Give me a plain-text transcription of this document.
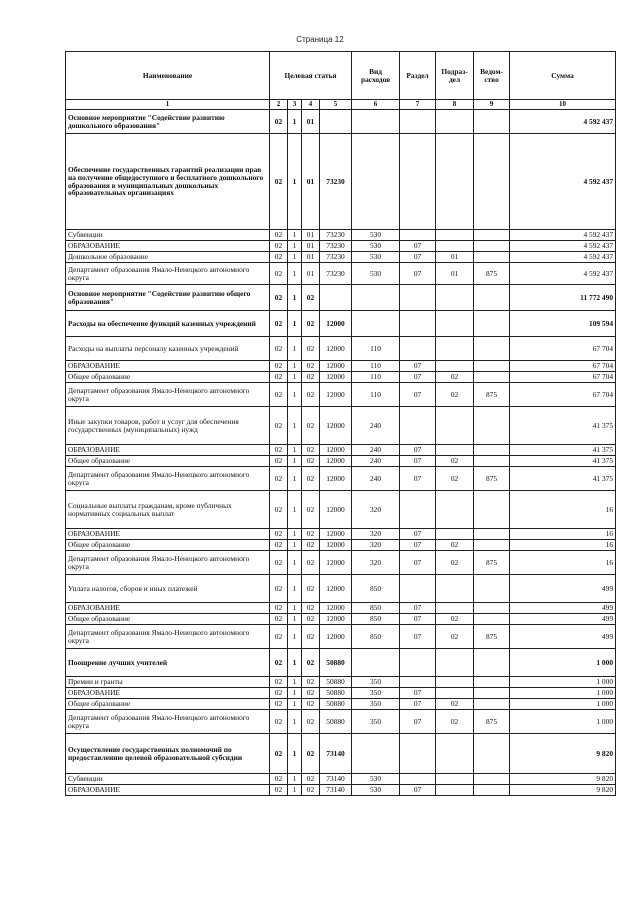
Страница 12
Наименование	Целевая статья				Вид расходов	Раздел	Подраз-дел	Ведом-ство	Сумма
1	2	3	4	5	6	7	8	9	10
Основное мероприятие "Содействие развитию дошкольного образования"	02	1	01						4 592 437
Обеспечение государственных гарантий реализации прав на получение общедоступного и бесплатного дошкольного образования в муниципальных дошкольных образовательных организациях	02	1	01	73230					4 592 437
Субвенции	02	1	01	73230	530				4 592 437
ОБРАЗОВАНИЕ	02	1	01	73230	530	07			4 592 437
Дошкольное образование	02	1	01	73230	530	07	01		4 592 437
Департамент образования Ямало-Ненецкого автономного округа	02	1	01	73230	530	07	01	875	4 592 437
Основное мероприятие "Содействие развитию общего образования"	02	1	02						11 772 490
Расходы на обеспечение функций казенных учреждений	02	1	02	12000					109 594
Расходы на выплаты персоналу казенных учреждений	02	1	02	12000	110				67 704
ОБРАЗОВАНИЕ	02	1	02	12000	110	07			67 704
Общее образование	02	1	02	12000	110	07	02		67 704
Департамент образования Ямало-Ненецкого автономного округа	02	1	02	12000	110	07	02	875	67 704
Иные закупки товаров, работ и услуг для обеспечения государственных (муниципальных) нужд	02	1	02	12000	240				41 375
ОБРАЗОВАНИЕ	02	1	02	12000	240	07			41 375
Общее образование	02	1	02	12000	240	07	02		41 375
Департамент образования Ямало-Ненецкого автономного округа	02	1	02	12000	240	07	02	875	41 375
Социальные выплаты гражданам, кроме публичных нормативных социальных выплат	02	1	02	12000	320				16
ОБРАЗОВАНИЕ	02	1	02	12000	320	07			16
Общее образование	02	1	02	12000	320	07	02		16
Департамент образования Ямало-Ненецкого автономного округа	02	1	02	12000	320	07	02	875	16
Уплата налогов, сборов и иных платежей	02	1	02	12000	850				499
ОБРАЗОВАНИЕ	02	1	02	12000	850	07			499
Общее образование	02	1	02	12000	850	07	02		499
Департамент образования Ямало-Ненецкого автономного округа	02	1	02	12000	850	07	02	875	499
Поощрение лучших учителей	02	1	02	50880					1 000
Премии и гранты	02	1	02	50880	350				1 000
ОБРАЗОВАНИЕ	02	1	02	50880	350	07			1 000
Общее образование	02	1	02	50880	350	07	02		1 000
Департамент образования Ямало-Ненецкого автономного округа	02	1	02	50880	350	07	02	875	1 000
Осуществление государственных полномочий по предоставлению целевой образовательной субсидии	02	1	02	73140					9 820
Субвенции	02	1	02	73140	530				9 820
ОБРАЗОВАНИЕ	02	1	02	73140	530	07			9 820
